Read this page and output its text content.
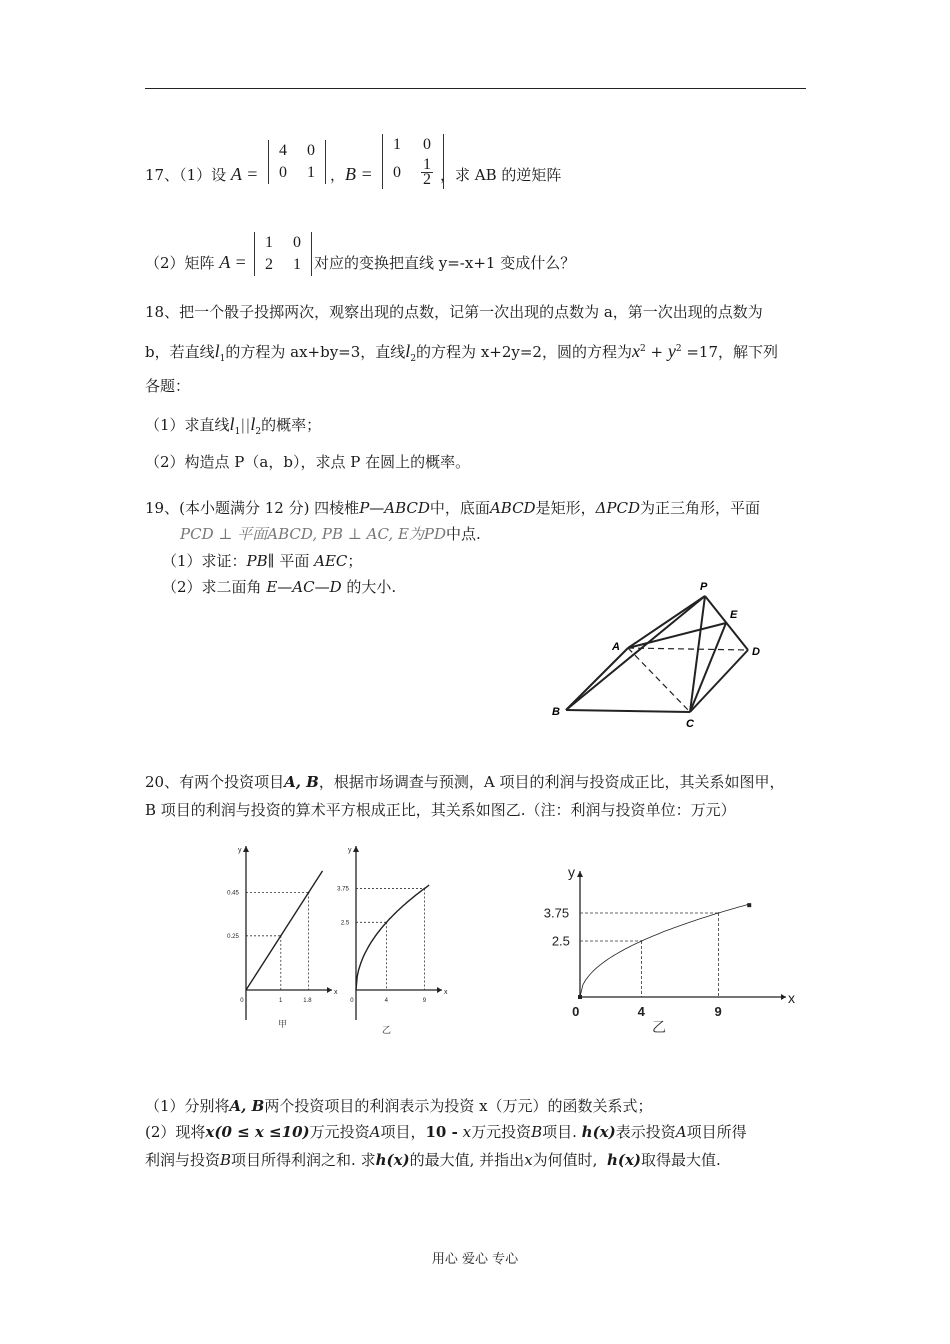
17、（1）设 A =
4	0
0	1 ，B =
1	0
0	$\frac{1}{2}$ ，求 AB 的逆矩阵
（2）矩阵 A =
1	0
2	1 对应的变换把直线 y=-x+1 变成什么？
18、把一个骰子投掷两次，观察出现的点数，记第一次出现的点数为 a，第一次出现的点数为
b，若直线$l_1$的方程为 ax+by=3，直线$l_2$的方程为 x+2y=2，圆的方程为$x^2 + y^2 =17$，解下列
各题：
（1）求直线$l_1||l_2$的概率；
（2）构造点 P（a，b），求点 P 在圆上的概率。
19、(本小题满分 12 分) 四棱椎P—ABCD中，底面ABCD是矩形，ΔPCD为正三角形，平面
PCD ⊥ 平面ABCD, PB ⊥ AC, E为PD中点.
（1）求证：PB∥ 平面 AEC；
（2）求二面角 E—AC—D 的大小.	P
E
A	D
B
C
20、有两个投资项目A, B，根据市场调查与预测，A 项目的利润与投资成正比，其关系如图甲，
B 项目的利润与投资的算术平方根成正比，其关系如图乙.（注：利润与投资单位：万元）
x
y
0	1	1.8
0.25
0.45
甲
x
y
0	4	9
2.5
3.75
乙
x
y
0	4	9
2.5
3.75
乙
（1）分别将A, B两个投资项目的利润表示为投资 x（万元）的函数关系式；
(2）现将x(0 ≤ x ≤10)万元投资A项目，10 - x万元投资B项目. h(x)表示投资A项目所得
利润与投资B项目所得利润之和. 求h(x)的最大值, 并指出x为何值时, h(x)取得最大值.
用心 爱心 专心
